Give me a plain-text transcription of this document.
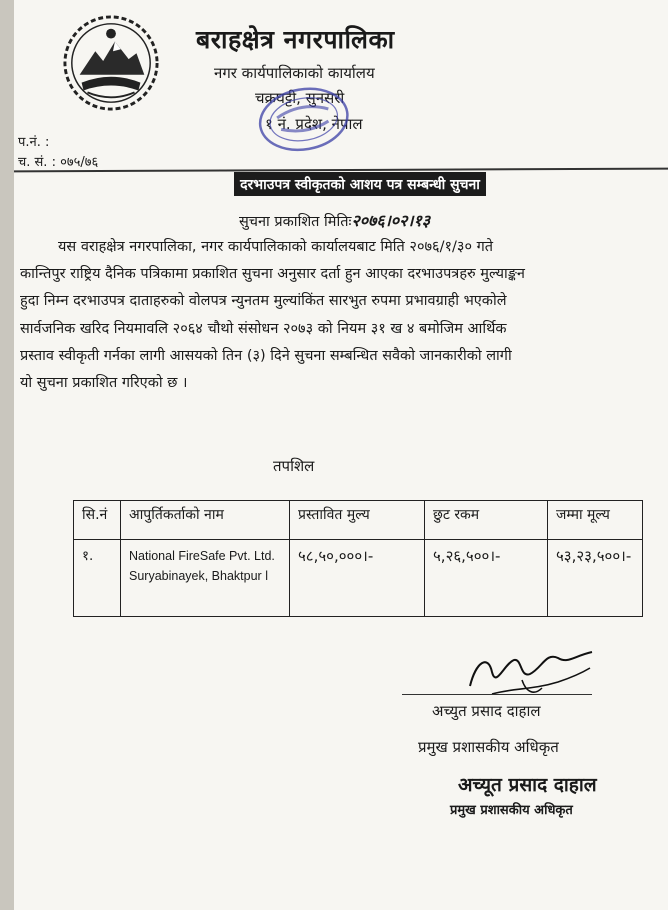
बराहक्षेत्र नगरपालिका
नगर कार्यपालिकाको कार्यालय
चक्रघट्टी, सुनसरी
१ नं. प्रदेश, नेपाल
प.नं. :
च. सं. : ०७५/७६
दरभाउपत्र स्वीकृतको आशय पत्र सम्बन्धी सुचना
सुचना प्रकाशित मितिः२०७६।०२।१३
यस वराहक्षेत्र नगरपालिका, नगर कार्यपालिकाको कार्यालयबाट मिति २०७६/१/३० गते
कान्तिपुर राष्ट्रिय दैनिक पत्रिकामा प्रकाशित सुचना अनुसार दर्ता हुन आएका दरभाउपत्रहरु मुल्याङ्कन
हुदा निम्न दरभाउपत्र दाताहरुको वोलपत्र न्युनतम मुल्यांकिंत सारभुत रुपमा प्रभावग्राही भएकोले
सार्वजनिक खरिद नियमावलि २०६४ चौथो संसोधन २०७३ को नियम ३१ ख ४ बमोजिम आर्थिक
प्रस्ताव स्वीकृती गर्नका लागी आसयको तिन (३) दिने सुचना सम्बन्धित सवैको जानकारीको लागी
यो सुचना प्रकाशित गरिएको छ ।
तपशिल
सि.नं	आपुर्तिकर्ताको नाम	प्रस्तावित मुल्य	छुट रकम	जम्मा मूल्य
१.	National FireSafe Pvt. Ltd. Suryabinayek, Bhaktpur l	५८,५०,०००।-	५,२६,५००।-	५३,२३,५००।-
अच्युत प्रसाद दाहाल
प्रमुख प्रशासकीय अधिकृत
अच्यूत प्रसाद दाहाल
प्रमुख प्रशासकीय अधिकृत
